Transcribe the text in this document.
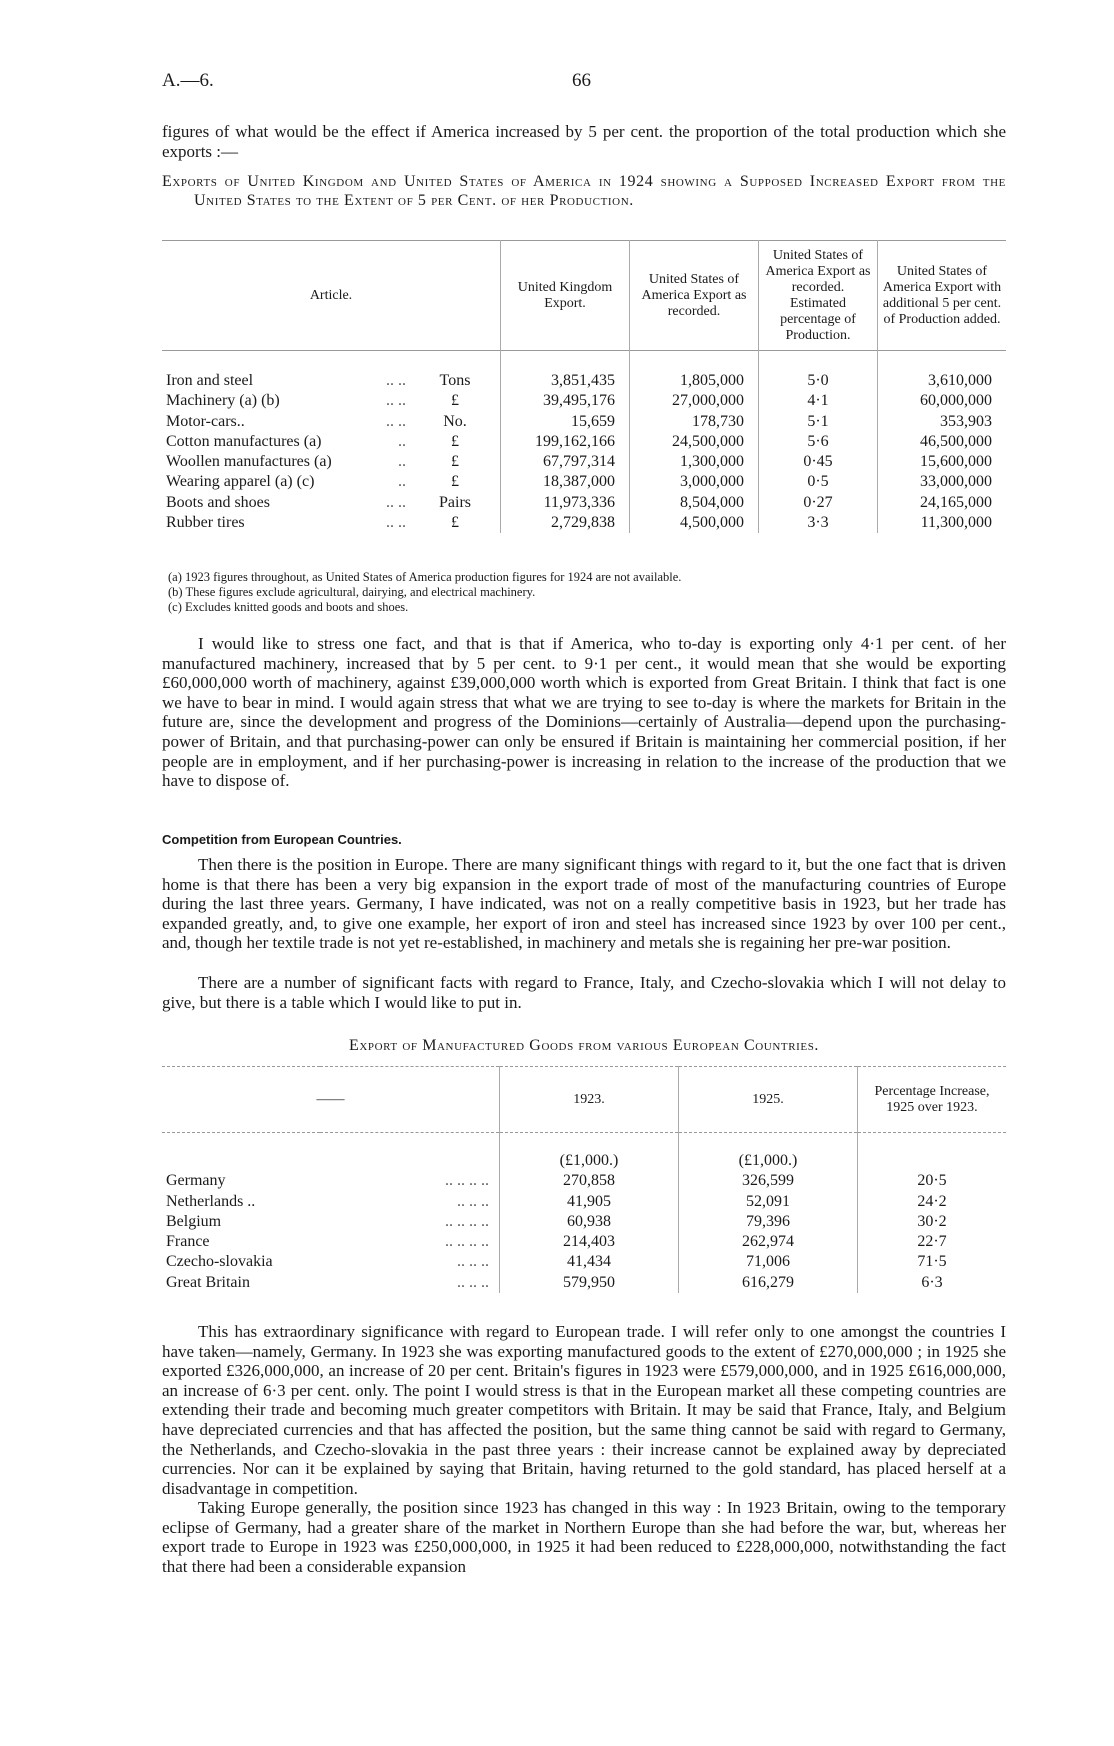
A.—6.	66

figures of what would be the effect if America increased by 5 per cent. the proportion of the total production which she exports :—

Exports of United Kingdom and United States of America in 1924 showing a Supposed Increased Export from the United States to the Extent of 5 per Cent. of her Production.

Article.		United Kingdom Export.	United States of America Export as recorded.	United States of America Export as recorded. Estimated percentage of Production.	United States of America Export with additional 5 per cent. of Production added.
Iron and steel .. ..	Tons	3,851,435	1,805,000	5·0	3,610,000
Machinery (a) (b) .. ..	£	39,495,176	27,000,000	4·1	60,000,000
Motor-cars.. .. ..	No.	15,659	178,730	5·1	353,903
Cotton manufactures (a) ..	£	199,162,166	24,500,000	5·6	46,500,000
Woollen manufactures (a) ..	£	67,797,314	1,300,000	0·45	15,600,000
Wearing apparel (a) (c) ..	£	18,387,000	3,000,000	0·5	33,000,000
Boots and shoes .. ..	Pairs	11,973,336	8,504,000	0·27	24,165,000
Rubber tires .. ..	£	2,729,838	4,500,000	3·3	11,300,000
(a) 1923 figures throughout, as United States of America production figures for 1924 are not available.
(b) These figures exclude agricultural, dairying, and electrical machinery.
(c) Excludes knitted goods and boots and shoes.

I would like to stress one fact, and that is that if America, who to-day is exporting only 4·1 per cent. of her manufactured machinery, increased that by 5 per cent. to 9·1 per cent., it would mean that she would be exporting £60,000,000 worth of machinery, against £39,000,000 worth which is exported from Great Britain. I think that fact is one we have to bear in mind. I would again stress that what we are trying to see to-day is where the markets for Britain in the future are, since the development and progress of the Dominions—certainly of Australia—depend upon the purchasing-power of Britain, and that purchasing-power can only be ensured if Britain is maintaining her commercial position, if her people are in employment, and if her purchasing-power is increasing in relation to the increase of the production that we have to dispose of.

Competition from European Countries.

Then there is the position in Europe. There are many significant things with regard to it, but the one fact that is driven home is that there has been a very big expansion in the export trade of most of the manufacturing countries of Europe during the last three years. Germany, I have indicated, was not on a really competitive basis in 1923, but her trade has expanded greatly, and, to give one example, her export of iron and steel has increased since 1923 by over 100 per cent., and, though her textile trade is not yet re-established, in machinery and metals she is regaining her pre-war position.

There are a number of significant facts with regard to France, Italy, and Czecho-slovakia which I will not delay to give, but there is a table which I would like to put in.

Export of Manufactured Goods from various European Countries.
——		1923.	1925.	Percentage Increase, 1925 over 1923.
		(£1,000.)	(£1,000.)	
Germany	.. .. .. ..	270,858	326,599	20·5
Netherlands ..	.. .. ..	41,905	52,091	24·2
Belgium	.. .. .. ..	60,938	79,396	30·2
France	.. .. .. ..	214,403	262,974	22·7
Czecho-slovakia	.. .. ..	41,434	71,006	71·5
Great Britain	.. .. ..	579,950	616,279	6·3

This has extraordinary significance with regard to European trade. I will refer only to one amongst the countries I have taken—namely, Germany. In 1923 she was exporting manufactured goods to the extent of £270,000,000 ; in 1925 she exported £326,000,000, an increase of 20 per cent. Britain's figures in 1923 were £579,000,000, and in 1925 £616,000,000, an increase of 6·3 per cent. only. The point I would stress is that in the European market all these competing countries are extending their trade and becoming much greater competitors with Britain. It may be said that France, Italy, and Belgium have depreciated currencies and that has affected the position, but the same thing cannot be said with regard to Germany, the Netherlands, and Czecho-slovakia in the past three years : their increase cannot be explained away by depreciated currencies. Nor can it be explained by saying that Britain, having returned to the gold standard, has placed herself at a disadvantage in competition.

Taking Europe generally, the position since 1923 has changed in this way : In 1923 Britain, owing to the temporary eclipse of Germany, had a greater share of the market in Northern Europe than she had before the war, but, whereas her export trade to Europe in 1923 was £250,000,000, in 1925 it had been reduced to £228,000,000, notwithstanding the fact that there had been a considerable expansion
